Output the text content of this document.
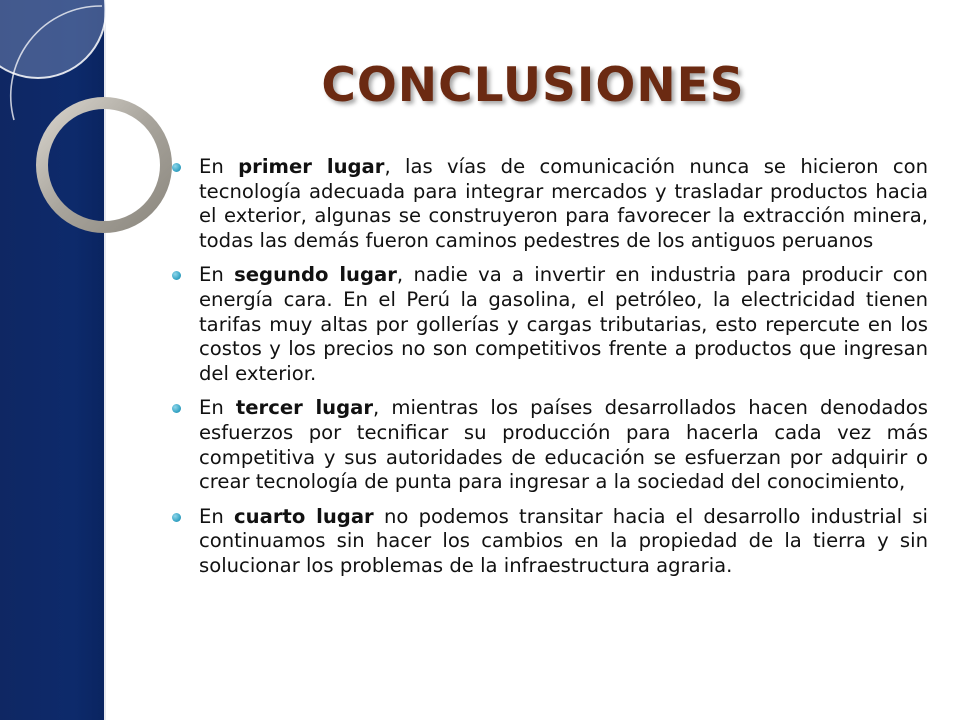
CONCLUSIONES
En primer lugar, las vías de comunicación nunca se hicieron con tecnología adecuada para integrar mercados y trasladar productos hacia el exterior, algunas se construyeron para favorecer la extracción minera, todas las demás fueron caminos pedestres de los antiguos peruanos
En segundo lugar, nadie va a invertir en industria para producir con energía cara. En el Perú la gasolina, el petróleo, la electricidad tienen tarifas muy altas por gollerías y cargas tributarias, esto repercute en los costos y los precios no son competitivos frente a productos que ingresan del exterior.
En tercer lugar, mientras los países desarrollados hacen denodados esfuerzos por tecnificar su producción para hacerla cada vez más competitiva y sus autoridades de educación se esfuerzan por adquirir o crear tecnología de punta para ingresar a la sociedad del conocimiento,
En cuarto lugar no podemos transitar hacia el desarrollo industrial si continuamos sin hacer los cambios en la propiedad de la tierra y sin solucionar los problemas de la infraestructura agraria.
